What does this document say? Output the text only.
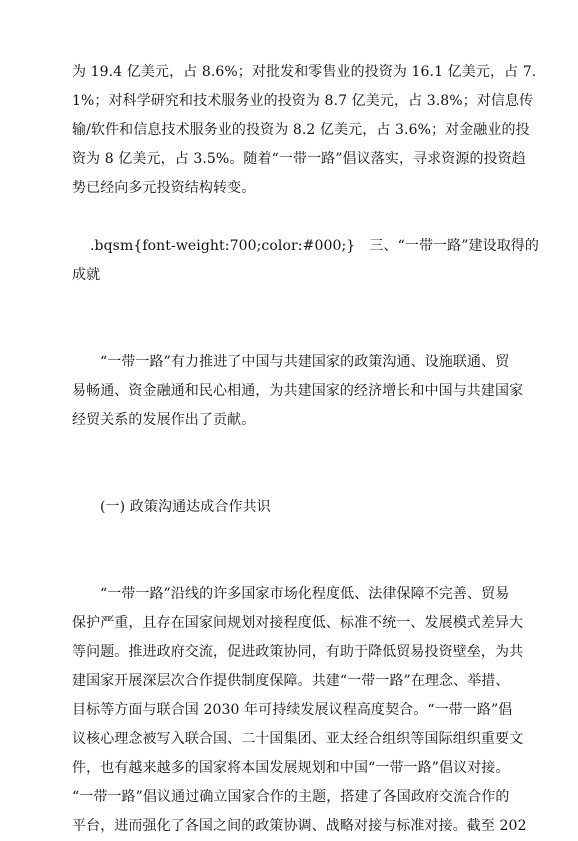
为 19.4 亿美元，占 8.6%；对批发和零售业的投资为 16.1 亿美元，占 7.
1%；对科学研究和技术服务业的投资为 8.7 亿美元，占 3.8%；对信息传
输/软件和信息技术服务业的投资为 8.2 亿美元，占 3.6%；对金融业的投
资为 8 亿美元，占 3.5%。随着“一带一路”倡议落实，寻求资源的投资趋
势已经向多元投资结构转变。
.bqsm{font-weight:700;color:#000;}　三、“一带一路”建设取得的
成就
“一带一路”有力推进了中国与共建国家的政策沟通、设施联通、贸
易畅通、资金融通和民心相通，为共建国家的经济增长和中国与共建国家
经贸关系的发展作出了贡献。
(一) 政策沟通达成合作共识
“一带一路”沿线的许多国家市场化程度低、法律保障不完善、贸易
保护严重，且存在国家间规划对接程度低、标准不统一、发展模式差异大
等问题。推进政府交流，促进政策协同，有助于降低贸易投资壁垒，为共
建国家开展深层次合作提供制度保障。共建“一带一路”在理念、举措、
目标等方面与联合国 2030 年可持续发展议程高度契合。“一带一路”倡
议核心理念被写入联合国、二十国集团、亚太经合组织等国际组织重要文
件，也有越来越多的国家将本国发展规划和中国“一带一路”倡议对接。
“一带一路”倡议通过确立国家合作的主题，搭建了各国政府交流合作的
平台，进而强化了各国之间的政策协调、战略对接与标准对接。截至 202
